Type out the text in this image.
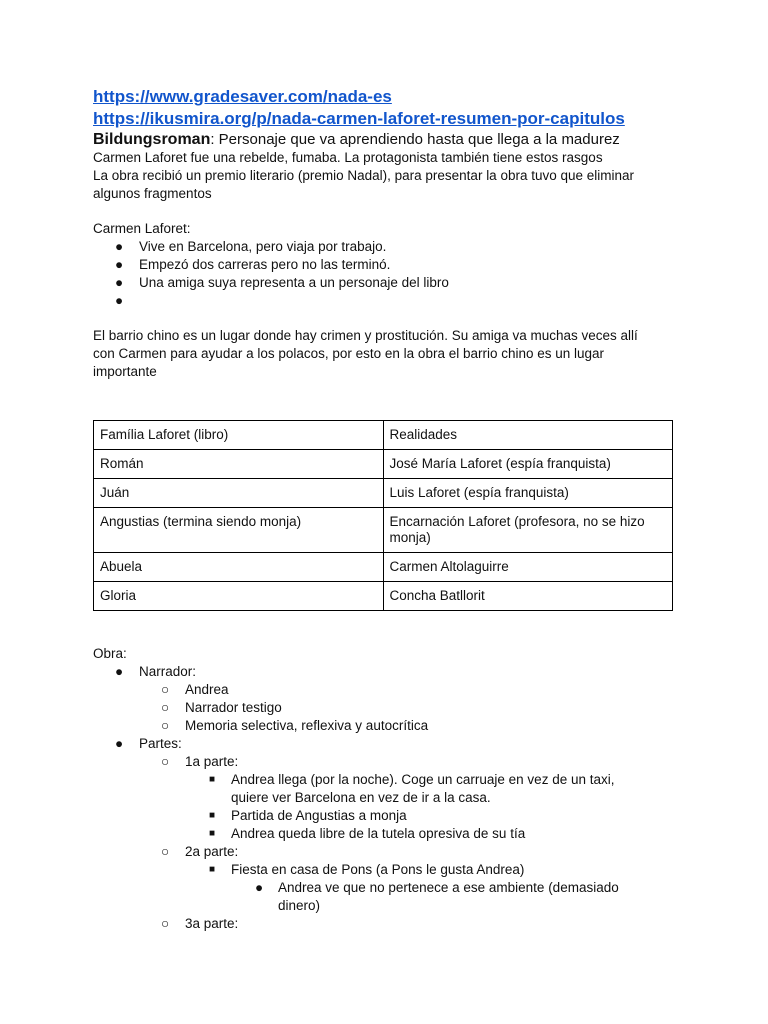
https://www.gradesaver.com/nada-es
https://ikusmira.org/p/nada-carmen-laforet-resumen-por-capitulos
Bildungsroman: Personaje que va aprendiendo hasta que llega a la madurez
Carmen Laforet fue una rebelde, fumaba. La protagonista también tiene estos rasgos
La obra recibió un premio literario (premio Nadal), para presentar la obra tuvo que eliminar
algunos fragmentos
Carmen Laforet:
● Vive en Barcelona, pero viaja por trabajo.
● Empezó dos carreras pero no las terminó.
● Una amiga suya representa a un personaje del libro
●

El barrio chino es un lugar donde hay crimen y prostitución. Su amiga va muchas veces allí
con Carmen para ayudar a los polacos, por esto en la obra el barrio chino es un lugar
importante
Família Laforet (libro)	Realidades
Román	José María Laforet (espía franquista)
Juán	Luis Laforet (espía franquista)
Angustias (termina siendo monja)	Encarnación Laforet (profesora, no se hizo monja)
Abuela	Carmen Altolaguirre
Gloria	Concha Batllorit
Obra:
● Narrador:
○ Andrea
○ Narrador testigo
○ Memoria selectiva, reflexiva y autocrítica
● Partes:
○ 1a parte:
■ Andrea llega (por la noche). Coge un carruaje en vez de un taxi, quiere ver Barcelona en vez de ir a la casa.
■ Partida de Angustias a monja
■ Andrea queda libre de la tutela opresiva de su tía
○ 2a parte:
■ Fiesta en casa de Pons (a Pons le gusta Andrea)
● Andrea ve que no pertenece a ese ambiente (demasiado dinero)
○ 3a parte:
